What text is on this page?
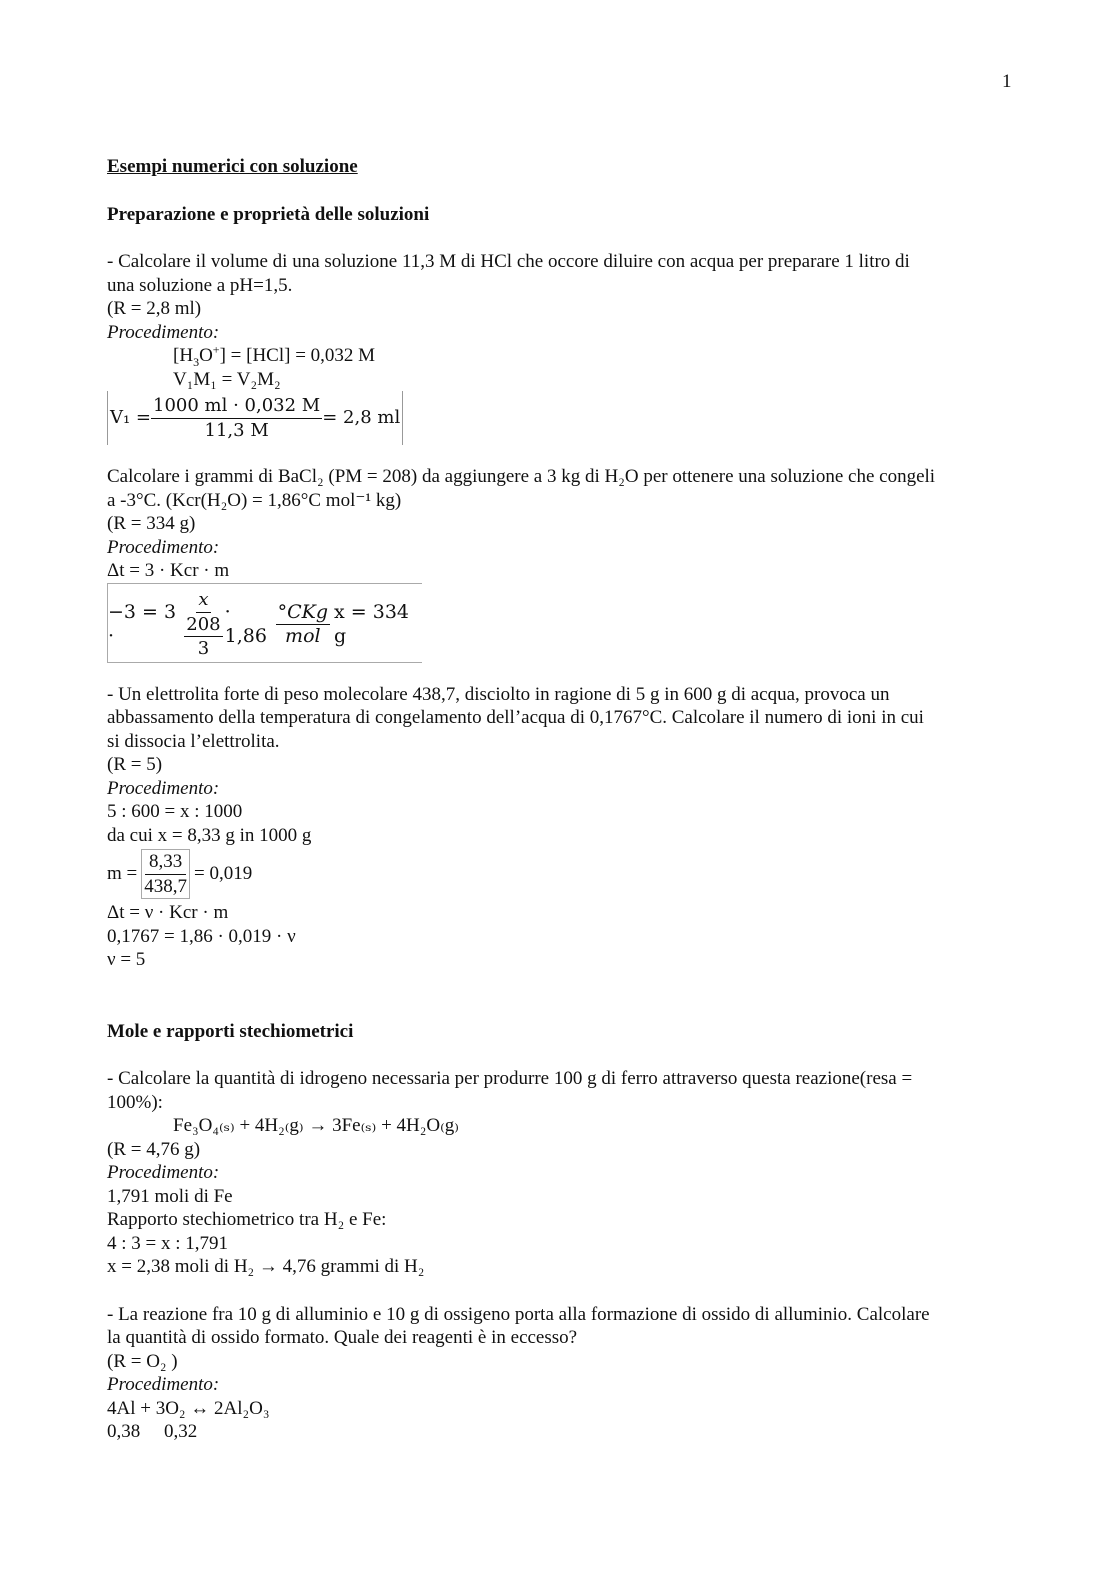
1

Esempi numerici con soluzione

Preparazione e proprietà delle soluzioni

- Calcolare il volume di una soluzione 11,3 M di HCl che occore diluire con acqua per preparare 1 litro di

una soluzione a pH=1,5.

(R = 2,8 ml)

Procedimento:

$[H_3O^+] = [HCl] = 0,032$ M

V₁M₁ = V₂M₂

$V_1 = \frac{1000 ml \cdot 0,032 M}{11,3 M} = 2,8$ ml

Calcolare i grammi di BaCl₂ (PM = 208) da aggiungere a 3 kg di H₂O per ottenere una soluzione che congeli

a -3°C. (Kcr(H₂O) = 1,86°C mol⁻¹ kg)

(R = 334 g)

Procedimento:

Δt = 3 · Kcr · m

−3 = 3 ·	$\frac{x}{\frac{208}{3}} \cdot 1,86 \frac{\text{°CKg}}{\text{mol}}$ x = 334 g

- Un elettrolita forte di peso molecolare 438,7, disciolto in ragione di 5 g in 600 g di acqua, provoca un

abbassamento della temperatura di congelamento dell’acqua di 0,1767°C. Calcolare il numero di ioni in cui

si dissocia l’elettrolita.

(R = 5)

Procedimento:

5 : 600 = x : 1000

da cui x = 8,33 g in 1000 g

$m = \frac{8,33}{438,7} = 0,019$

Δt = ν · Kcr · m

0,1767 = 1,86 · 0,019 · ν

ν = 5

Mole e rapporti stechiometrici

- Calcolare la quantità di idrogeno necessaria per produrre 100 g di ferro attraverso questa reazione(resa =

100%):

Fe₃O₄₍ₛ₎ + 4H₂₍g₎ → 3Fe₍ₛ₎ + 4H₂O₍g₎

(R = 4,76 g)

Procedimento:

1,791 moli di Fe

Rapporto stechiometrico tra H₂ e Fe:

4 : 3 = x : 1,791

x = 2,38 moli di H₂ → 4,76 grammi di H₂

- La reazione fra 10 g di alluminio e 10 g di ossigeno porta alla formazione di ossido di alluminio. Calcolare

la quantità di ossido formato. Quale dei reagenti è in eccesso?

(R = O₂ )

Procedimento:

4Al + 3O₂ ↔ 2Al₂O₃

0,38     0,32
